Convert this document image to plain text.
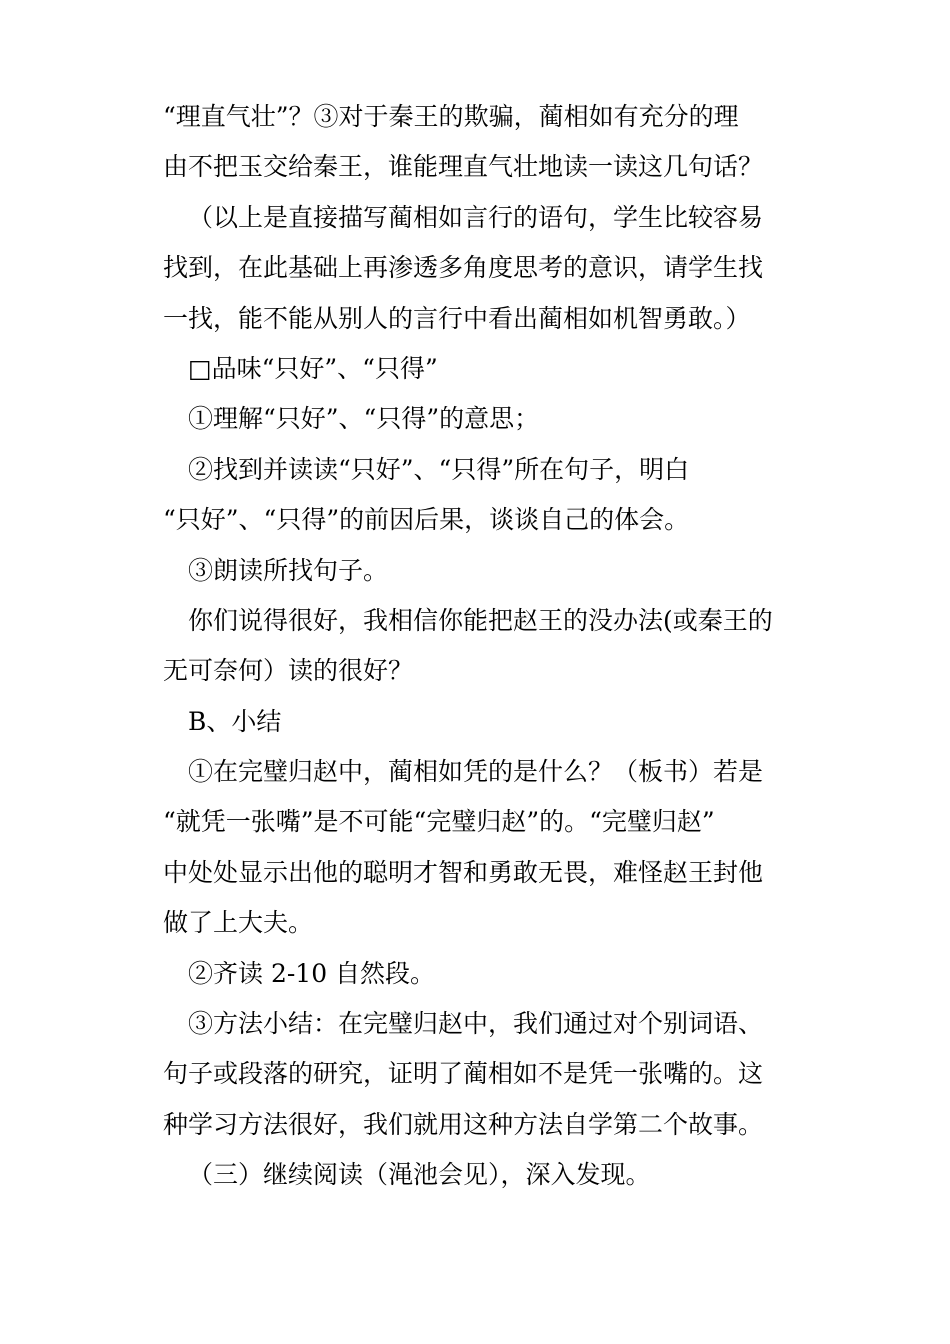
“理直气壮”？③对于秦王的欺骗，蔺相如有充分的理
由不把玉交给秦王，谁能理直气壮地读一读这几句话？
（以上是直接描写蔺相如言行的语句，学生比较容易
找到，在此基础上再渗透多角度思考的意识，请学生找
一找，能不能从别人的言行中看出蔺相如机智勇敢。）
□品味“只好”、“只得”
①理解“只好”、“只得”的意思；
②找到并读读“只好”、“只得”所在句子，明白
“只好”、“只得”的前因后果，谈谈自己的体会。
③朗读所找句子。
你们说得很好，我相信你能把赵王的没办法(或秦王的
无可奈何）读的很好？
B、小结
①在完璧归赵中，蔺相如凭的是什么？（板书）若是
“就凭一张嘴”是不可能“完璧归赵”的。“完璧归赵”
中处处显示出他的聪明才智和勇敢无畏，难怪赵王封他
做了上大夫。
②齐读 2-10 自然段。
③方法小结：在完璧归赵中，我们通过对个别词语、
句子或段落的研究，证明了蔺相如不是凭一张嘴的。这
种学习方法很好，我们就用这种方法自学第二个故事。
（三）继续阅读（渑池会见），深入发现。
